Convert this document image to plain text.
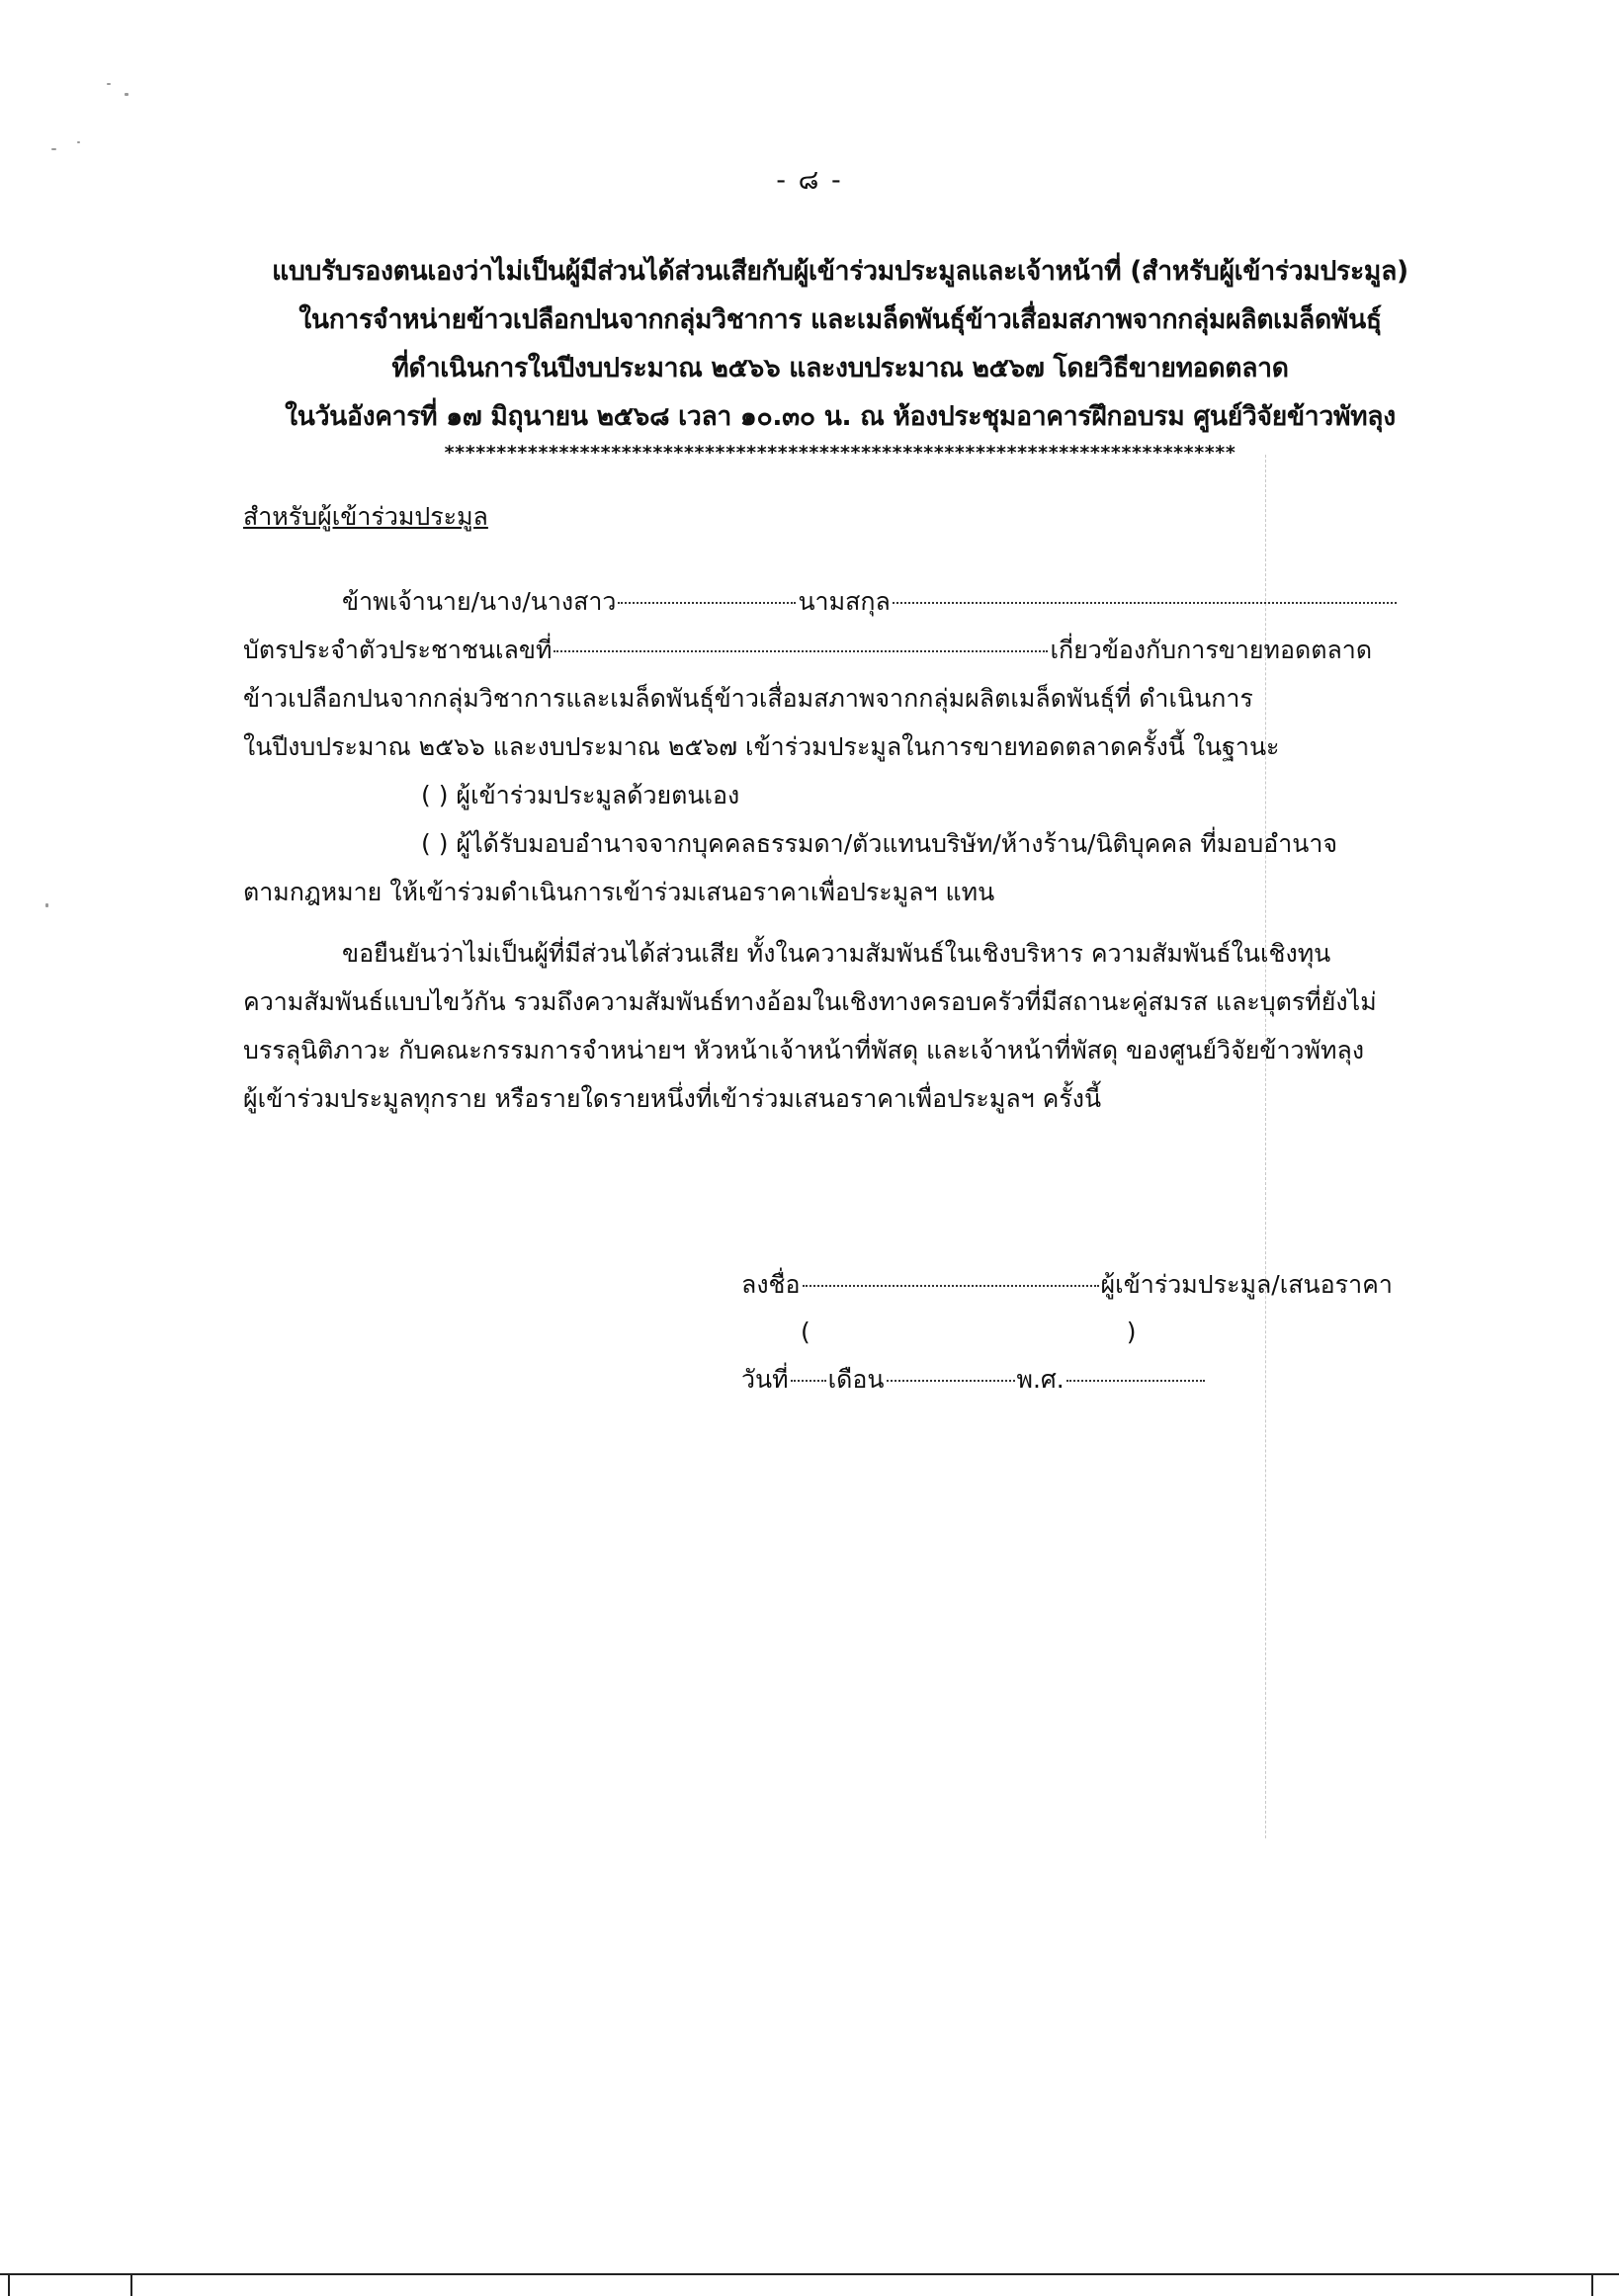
- ๘ -
แบบรับรองตนเองว่าไม่เป็นผู้มีส่วนได้ส่วนเสียกับผู้เข้าร่วมประมูลและเจ้าหน้าที่ (สำหรับผู้เข้าร่วมประมูล)
ในการจำหน่ายข้าวเปลือกปนจากกลุ่มวิชาการ และเมล็ดพันธุ์ข้าวเสื่อมสภาพจากกลุ่มผลิตเมล็ดพันธุ์
ที่ดำเนินการในปีงบประมาณ ๒๕๖๖ และงบประมาณ ๒๕๖๗ โดยวิธีขายทอดตลาด
ในวันอังคารที่ ๑๗ มิถุนายน ๒๕๖๘ เวลา ๑๐.๓๐ น. ณ ห้องประชุมอาคารฝึกอบรม ศูนย์วิจัยข้าวพัทลุง
****************************************************************************
สำหรับผู้เข้าร่วมประมูล
ข้าพเจ้านาย/นาง/นางสาว	นามสกุล
บัตรประจำตัวประชาชนเลขที่	เกี่ยวข้องกับการขายทอดตลาด
ข้าวเปลือกปนจากกลุ่มวิชาการและเมล็ดพันธุ์ข้าวเสื่อมสภาพจากกลุ่มผลิตเมล็ดพันธุ์ที่ ดำเนินการ
ในปีงบประมาณ ๒๕๖๖ และงบประมาณ ๒๕๖๗ เข้าร่วมประมูลในการขายทอดตลาดครั้งนี้ ในฐานะ
( ) ผู้เข้าร่วมประมูลด้วยตนเอง
( ) ผู้ได้รับมอบอำนาจจากบุคคลธรรมดา/ตัวแทนบริษัท/ห้างร้าน/นิติบุคคล ที่มอบอำนาจ
ตามกฎหมาย ให้เข้าร่วมดำเนินการเข้าร่วมเสนอราคาเพื่อประมูลฯ แทน
ขอยืนยันว่าไม่เป็นผู้ที่มีส่วนได้ส่วนเสีย ทั้งในความสัมพันธ์ในเชิงบริหาร ความสัมพันธ์ในเชิงทุน
ความสัมพันธ์แบบไขว้กัน รวมถึงความสัมพันธ์ทางอ้อมในเชิงทางครอบครัวที่มีสถานะคู่สมรส และบุตรที่ยังไม่
บรรลุนิติภาวะ กับคณะกรรมการจำหน่ายฯ หัวหน้าเจ้าหน้าที่พัสดุ และเจ้าหน้าที่พัสดุ ของศูนย์วิจัยข้าวพัทลุง
ผู้เข้าร่วมประมูลทุกราย หรือรายใดรายหนึ่งที่เข้าร่วมเสนอราคาเพื่อประมูลฯ ครั้งนี้
ลงชื่อ	ผู้เข้าร่วมประมูล/เสนอราคา
(	)
วันที่ เดือน	พ.ศ.
